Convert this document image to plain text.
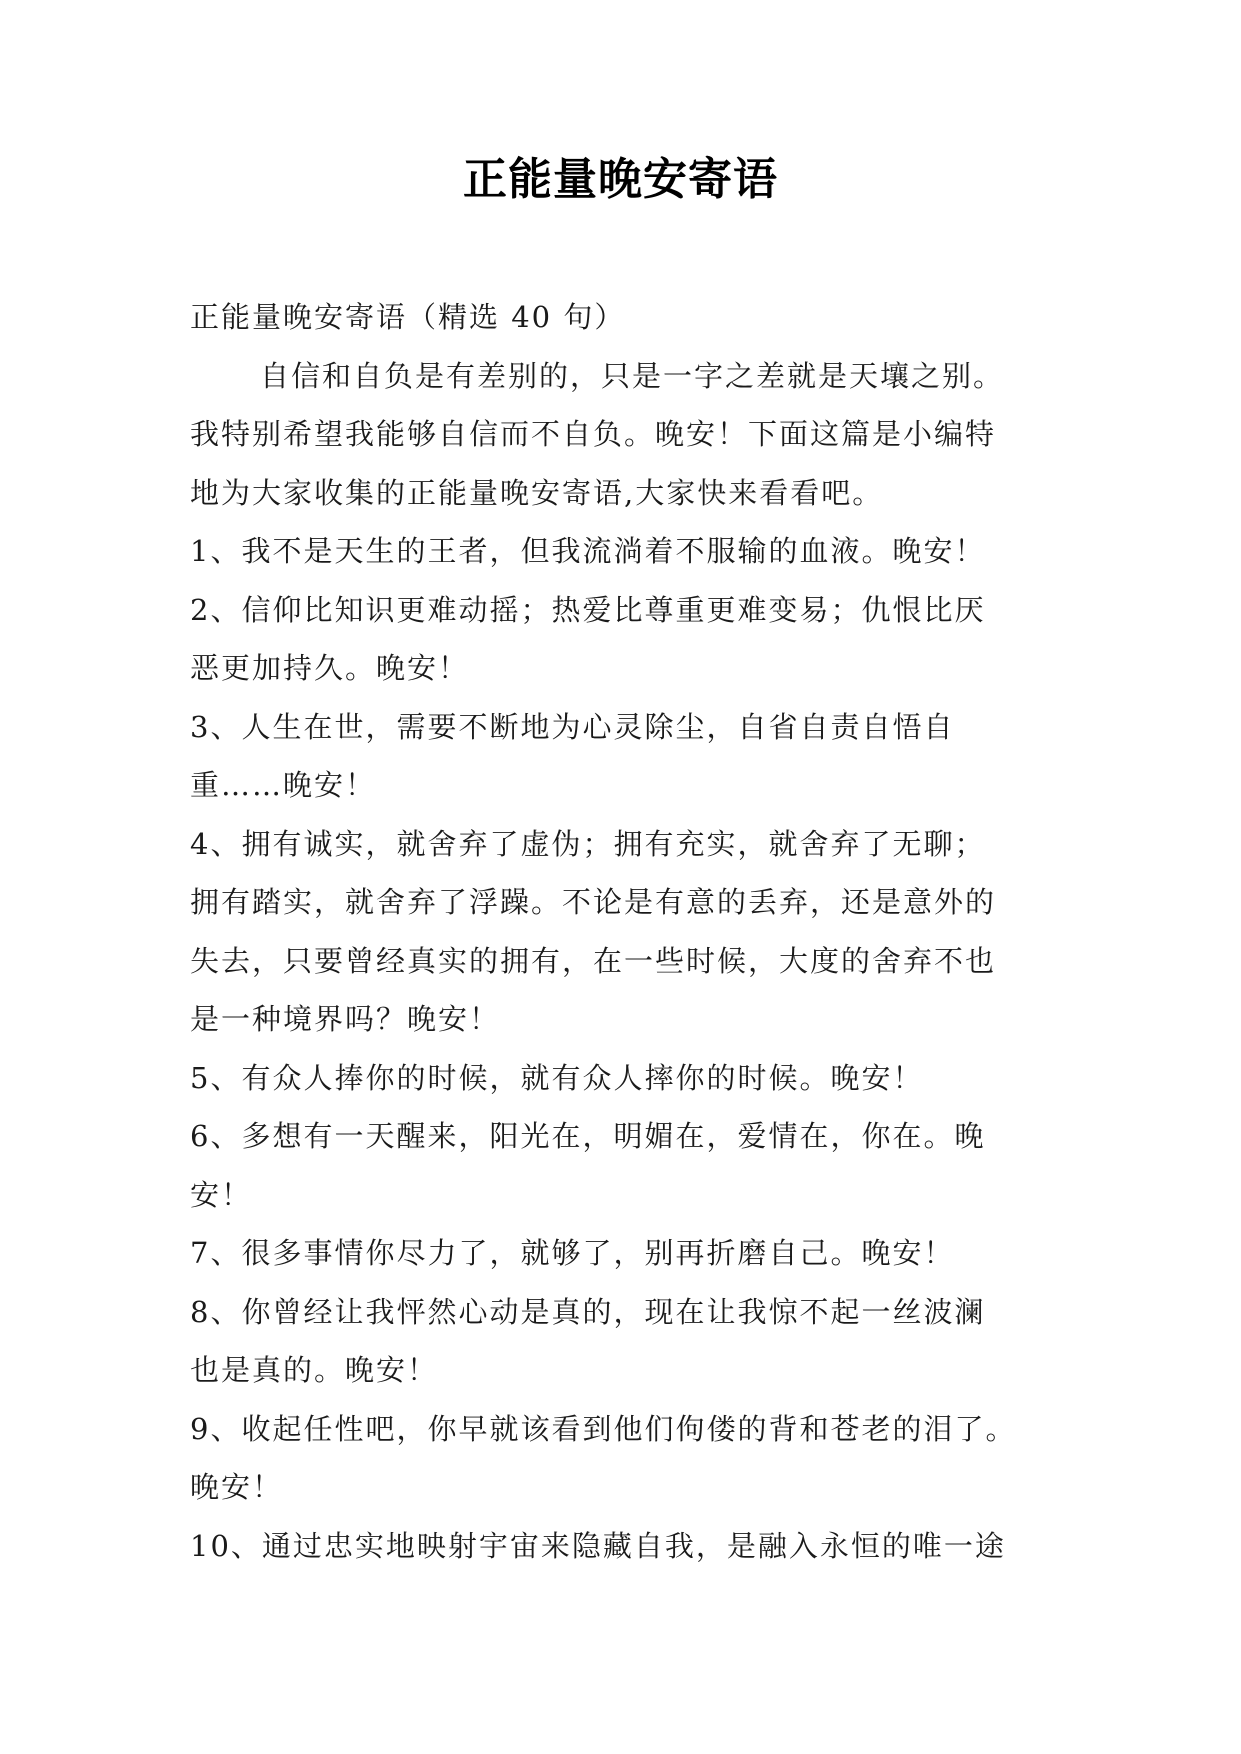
正能量晚安寄语
正能量晚安寄语（精选 40 句）
自信和自负是有差别的，只是一字之差就是天壤之别。
我特别希望我能够自信而不自负。晚安！下面这篇是小编特
地为大家收集的正能量晚安寄语,大家快来看看吧。
1、我不是天生的王者，但我流淌着不服输的血液。晚安！
2、信仰比知识更难动摇；热爱比尊重更难变易；仇恨比厌
恶更加持久。晚安！
3、人生在世，需要不断地为心灵除尘，自省自责自悟自
重……晚安！
4、拥有诚实，就舍弃了虚伪；拥有充实，就舍弃了无聊；
拥有踏实，就舍弃了浮躁。不论是有意的丢弃，还是意外的
失去，只要曾经真实的拥有，在一些时候，大度的舍弃不也
是一种境界吗？晚安！
5、有众人捧你的时候，就有众人摔你的时候。晚安！
6、多想有一天醒来，阳光在，明媚在，爱情在，你在。晚
安！
7、很多事情你尽力了，就够了，别再折磨自己。晚安！
8、你曾经让我怦然心动是真的，现在让我惊不起一丝波澜
也是真的。晚安！
9、收起任性吧，你早就该看到他们佝偻的背和苍老的泪了。
晚安！
10、通过忠实地映射宇宙来隐藏自我，是融入永恒的唯一途
